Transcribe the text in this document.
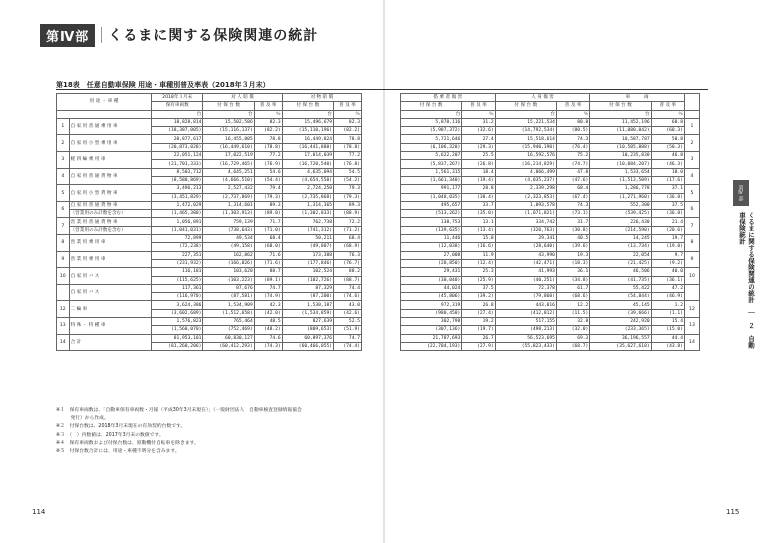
第Ⅳ部	くるまに関する保険関連の統計
第18表　任意自動車保険 用途・車種別普及率表（2018年３月末）
用 途 ・ 車 種		2018年３月末	対 人 賠 償		対 物 賠 償	
		保有車両数	付 保 台 数	普 及 率	付 保 台 数	普 及 率
		台	台	％	台	％
1	自 家 用 普 通 乗 用 車	18,828,814	15,502,586	82.3	15,496,679	82.3
		(18,387,005)	(15,116,137)	(82.2)	(15,110,196)	(82.2)
2	自 家 用 小 型 乗 用 車	20,877,617	16,455,005	78.8	16,449,824	78.8
		(20,873,028)	(16,449,610)	(78.8)	(16,441,880)	(78.8)
3	軽 四 輪 乗 用 車	22,051,124	17,022,519	77.2	17,014,039	77.2
		(21,701,333)	(16,729,465)	(76.9)	(16,720,540)	(76.8)
4	自 家 用 普 通 貨 物 車	8,503,712	4,645,251	54.6	4,635,094	54.5
		(8,580,869)	(4,666,510)	(54.4)	(4,654,550)	(54.2)
5	自 家 用 小 型 貨 物 車	3,496,213	2,527,432	79.4	2,724,250	79.3
		(3,451,829)	(2,737,869)	(79.3)	(2,735,868)	(79.3)
6	自 家 用 普 通 貨 物 車	1,472,029	1,314,601	89.3	1,314,365	89.3
	（営業用のみ計数を含む）	(1,465,380)	(1,303,913)	(89.0)	(1,302,833)	(88.9)
7	営 業 用 普 通 貨 物 車	1,056,891	759,139	71.7	762,738	72.2
	（営業用のみ計数を含む）	(1,041,031)	(738,643)	(71.0)	(741,312)	(71.2)
8	営 業 用 乗 用 車	72,899	49,534	68.4	50,211	68.4
		(72,238)	(49,158)	(68.0)	(49,807)	(68.9)
9	営 業 用 乗 用 車	227,351	162,862	71.6	173,388	76.3
		(231,932)	(166,026)	(71.6)	(177,846)	(76.7)
10	自 家 用 バ ス	116,181	103,620	88.7	102,524	88.2
		(115,625)	(103,223)	(89.1)	(102,726)	(88.7)
	自 家 用 バ ス	117,361	87,676	74.7	87,329	74.4
		(116,970)	(87,581)	(74.9)	(87,200)	(74.6)
12	二 輪 車	3,624,386	1,534,909	42.3	1,530,187	43.0
		(3,602,689)	(1,512,658)	(42.0)	(1,534,859)	(42.6)
13	特 殊 ・ 特 種 車	1,576,823	765,464	48.5	827,639	52.5
		(1,560,070)	(752,469)	(48.2)	(809,653)	(51.9)
14	合 計	81,953,101	60,830,127	74.6	60,897,376	74.7
		(81,260,206)	(60,412,293)	(74.3)	(60,466,055)	(74.4)
搭 乗 者 傷 害		人 身 傷 害		車　　　両		
付 保 台 数	普 及 率	付 保 台 数	普 及 率	付 保 台 数	普 及 率	
台	％	台	％	台	％	
5,870,116	31.2	15,221,534	80.8	11,452,196	60.8	1
(5,987,372)	(32.6)	(14,792,534)	(80.5)	(11,080,042)	(60.3)	
5,721,646	27.4	15,518,614	74.3	10,587,787	50.8	2
(6,106,320)	(29.3)	(15,940,190)	(76.4)	(10,505,888)	(50.3)	
5,622,207	25.5	16,592,576	75.2	10,235,830	46.8	3
(5,837,267)	(26.8)	(16,214,829)	(74.7)	(10,084,207)	(46.3)	
1,561,315	18.4	4,066,499	47.8	1,533,654	18.0	4
(1,661,340)	(19.4)	(4,035,237)	(47.6)	(1,513,509)	(17.6)	
991,177	28.8	2,339,298	68.4	1,286,778	37.1	5
(1,048,035)	(30.4)	(2,323,853)	(67.4)	(1,271,960)	(36.8)	
495,657	33.7	1,093,578	74.3	552,300	37.5	6
(513,262)	(35.0)	(1,071,821)	(73.1)	(539,425)	(36.8)	
138,753	13.1	334,742	31.7	226,430	21.4	7
(139,635)	(13.4)	(320,763)	(30.8)	(214,590)	(20.6)	
11,446	15.8	29,341	40.5	14,245	19.7	8
(12,038)	(16.6)	(28,640)	(39.6)	(13,734)	(19.0)	
27,008	11.9	43,990	19.3	22,054	9.7	9
(28,850)	(12.4)	(42,471)	(18.3)	(21,425)	(9.2)	
29,431	25.3	41,993	36.1	46,506	40.0	10
(30,040)	(25.9)	(40,251)	(34.8)	(41,735)	(36.1)	
44,024	37.5	72,378	61.7	55,422	47.2	
(45,806)	(39.2)	(79,860)	(68.6)	(54,844)	(46.9)	
972,319	26.8	443,016	12.2	45,145	1.2	12
(980,450)	(27.4)	(412,812)	(11.5)	(39,666)	(1.1)	
302,798	19.2	517,155	32.8	242,920	15.4	13
(307,136)	(19.7)	(498,213)	(32.0)	(233,365)	(15.0)	
21,787,693	26.7	56,523,695	69.3	36,196,557	44.4	14
(22,704,193)	(27.9)	(55,823,433)	(68.7)	(35,627,610)	(43.8)	
※１　保有車両数は、「自動車保有車両数・月報（平成30年3月末現在）」（一般財団法人　自動車検査登録情報協会
　　　発行）から作成。
※２　付保台数は、2018年3月末現在の有効契約台数です。
※３　（　）内数値は、2017年3月末の数値です。
※４　保有車両数および付保台数は、原動機付自転車を除きます。
※５　付保台数合計には、用途・車種不明分を含みます。
第Ⅳ部
くるまに関する保険関連の統計　｜　２　自動車保険統計
114	115
